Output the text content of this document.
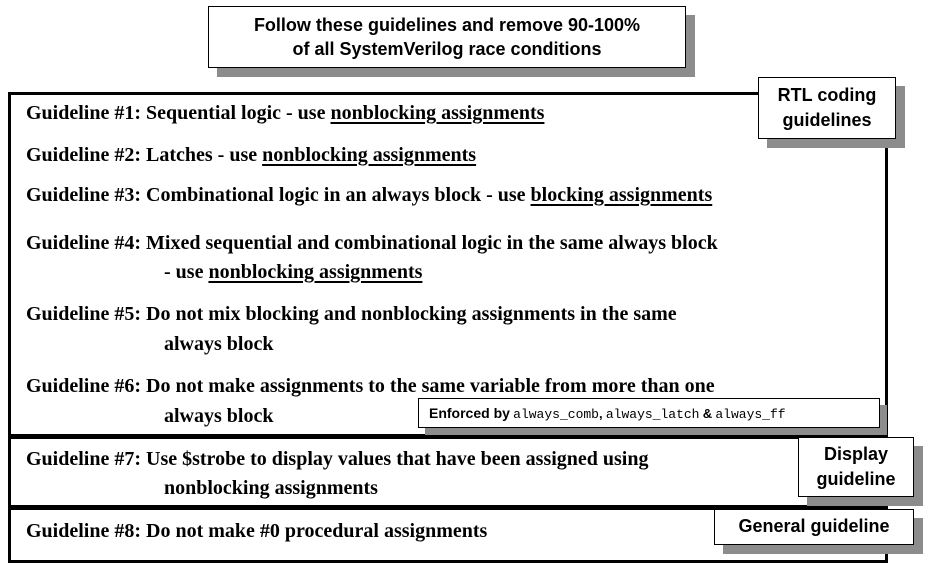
Follow these guidelines and remove 90-100%
of all SystemVerilog race conditions
Guideline #1: Sequential logic - use nonblocking assignments
Guideline #2: Latches - use nonblocking assignments
Guideline #3: Combinational logic in an always block - use blocking assignments
Guideline #4: Mixed sequential and combinational logic in the same always block
- use nonblocking assignments
Guideline #5: Do not mix blocking and nonblocking assignments in the same
always block
Guideline #6: Do not make assignments to the same variable from more than one
always block
Guideline #7: Use $strobe to display values that have been assigned using
nonblocking assignments
Guideline #8: Do not make #0 procedural assignments
RTL coding
guidelines
Enforced by always_comb, always_latch & always_ff
Display
guideline
General guideline
